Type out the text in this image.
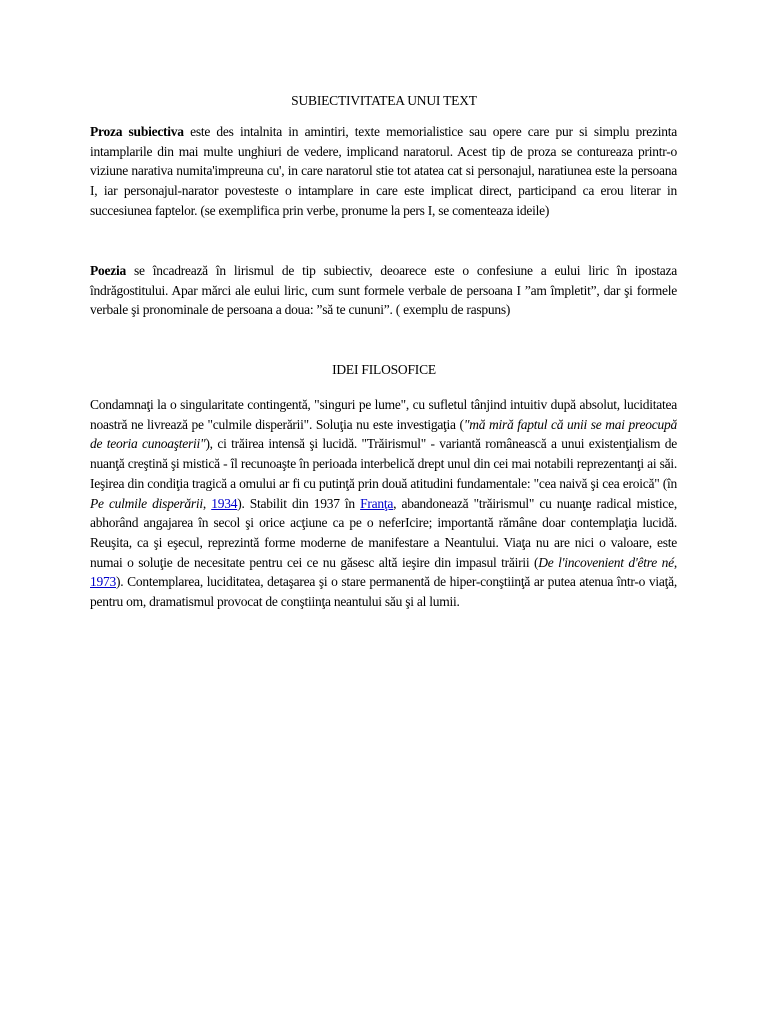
SUBIECTIVITATEA UNUI TEXT

Proza subiectiva este des intalnita in amintiri, texte memorialistice sau opere care pur si simplu prezinta intamplarile din mai multe unghiuri de vedere, implicand naratorul. Acest tip de proza se contureaza printr-o viziune narativa numita'impreuna cu', in care naratorul stie tot atatea cat si personajul, naratiunea este la persoana I, iar personajul-narator povesteste o intamplare in care este implicat direct, participand ca erou literar in succesiunea faptelor. (se exemplifica prin verbe, pronume la pers I, se comenteaza ideile)

Poezia se încadrează în lirismul de tip subiectiv, deoarece este o confesiune a eului liric în ipostaza îndrăgostitului. Apar mărci ale eului liric, cum sunt formele verbale de persoana I ”am împletit”, dar şi formele verbale şi pronominale de persoana a doua: ”să te cununi”. ( exemplu de raspuns)

IDEI FILOSOFICE

Condamnaţi la o singularitate contingentă, "singuri pe lume", cu sufletul tânjind intuitiv după absolut, luciditatea noastră ne livrează pe "culmile disperării". Soluţia nu este investigaţia ("mă miră faptul că unii se mai preocupă de teoria cunoaşterii"), ci trăirea intensă şi lucidă. "Trăirismul" - variantă românească a unui existenţialism de nuanţă creştină şi mistică - îl recunoaşte în perioada interbelică drept unul din cei mai notabili reprezentanţi ai săi. Ieşirea din condiţia tragică a omului ar fi cu putinţă prin două atitudini fundamentale: "cea naivă şi cea eroică" (în Pe culmile disperării, 1934). Stabilit din 1937 în Franţa, abandonează "trăirismul" cu nuanţe radical mistice, abhorând angajarea în secol şi orice acţiune ca pe o neferIcire; importantă rămâne doar contemplaţia lucidă. Reuşita, ca şi eşecul, reprezintă forme moderne de manifestare a Neantului. Viaţa nu are nici o valoare, este numai o soluţie de necesitate pentru cei ce nu găsesc altă ieşire din impasul trăirii (De l'incovenient d'être né, 1973). Contemplarea, luciditatea, detaşarea şi o stare permanentă de hiper-conştiinţă ar putea atenua într-o viaţă, pentru om, dramatismul provocat de conştiinţa neantului său şi al lumii.
